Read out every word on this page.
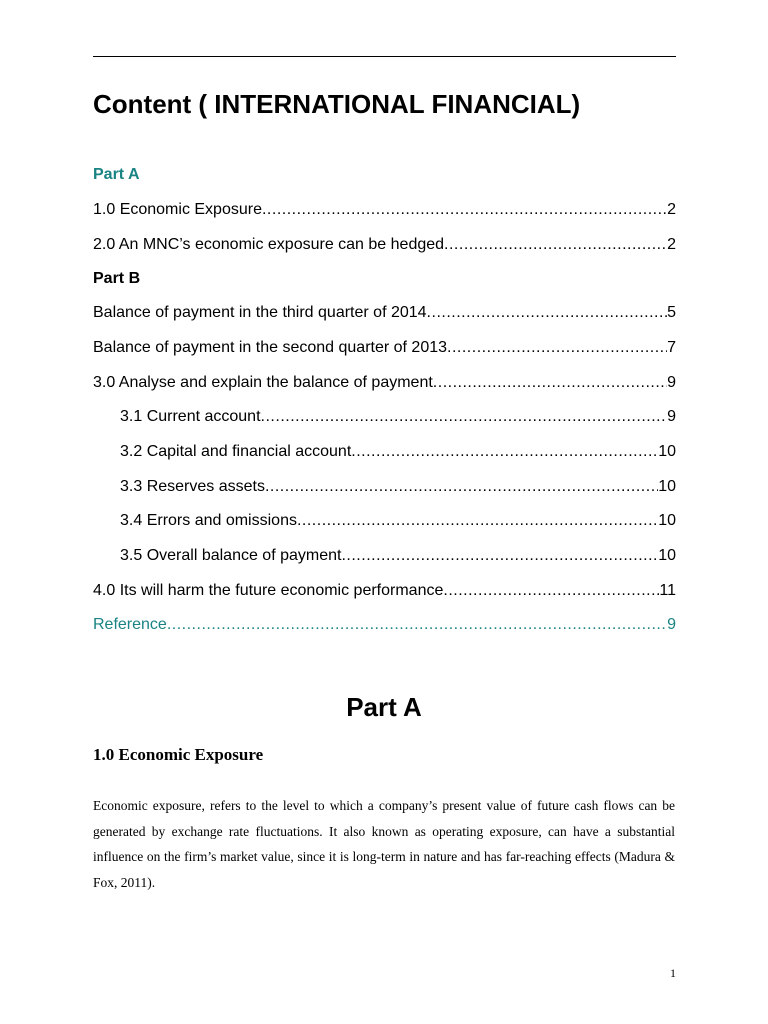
Content ( INTERNATIONAL FINANCIAL)
Part A
1.0 Economic Exposure .....	2
2.0 An MNC’s economic exposure can be hedged .....	2
Part B
Balance of payment in the third quarter of 2014 .....	5
Balance of payment in the second quarter of 2013 .....	7
3.0 Analyse and explain the balance of payment .....	9
3.1 Current account .....	9
3.2 Capital and financial account .....	10
3.3 Reserves assets .....	10
3.4 Errors and omissions .....	10
3.5 Overall balance of payment .....	10
4.0 Its will harm the future economic performance .....	11
Reference .....	9
Part A
1.0 Economic Exposure

Economic exposure, refers to the level to which a company’s present value of future cash flows can be generated by exchange rate fluctuations. It also known as operating exposure, can have a substantial influence on the firm’s market value, since it is long-term in nature and has far-reaching effects (Madura & Fox, 2011).

1
